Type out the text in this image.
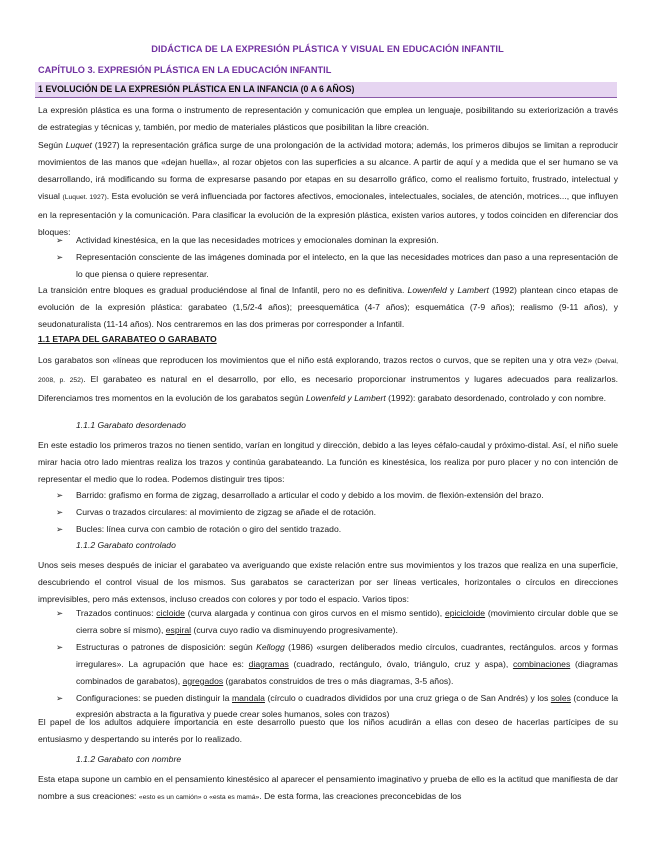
DIDÁCTICA DE LA EXPRESIÓN PLÁSTICA Y VISUAL EN EDUCACIÓN INFANTIL
CAPÍTULO 3. EXPRESIÓN PLÁSTICA EN LA EDUCACIÓN INFANTIL
1 EVOLUCIÓN DE LA EXPRESIÓN PLÁSTICA EN LA INFANCIA (0 A 6 AÑOS)

La expresión plástica es una forma o instrumento de representación y comunicación que emplea un lenguaje, posibilitando su exteriorización a través de estrategias y técnicas y, también, por medio de materiales plásticos que posibilitan la libre creación.

Según Luquet (1927) la representación gráfica surge de una prolongación de la actividad motora; además, los primeros dibujos se limitan a reproducir movimientos de las manos que «dejan huella», al rozar objetos con las superficies a su alcance. A partir de aquí y a medida que el ser humano se va desarrollando, irá modificando su forma de expresarse pasando por etapas en su desarrollo gráfico, como el realismo fortuito, frustrado, intelectual y visual (Luquet. 1927). Esta evolución se verá influenciada por factores afectivos, emocionales, intelectuales, sociales, de atención, motrices..., que influyen en la representación y la comunicación. Para clasificar la evolución de la expresión plástica, existen varios autores, y todos coinciden en diferenciar dos bloques:

➢	Actividad kinestésica, en la que las necesidades motrices y emocionales dominan la expresión.
➢	Representación consciente de las imágenes dominada por el intelecto, en la que las necesidades motrices dan paso a una representación de lo que piensa o quiere representar.

La transición entre bloques es gradual produciéndose al final de Infantil, pero no es definitiva. Lowenfeld y Lambert (1992) plantean cinco etapas de evolución de la expresión plástica: garabateo (1,5/2-4 años); preesquemática (4-7 años); esquemática (7-9 años); realismo (9-11 años), y seudonaturalista (11-14 años). Nos centraremos en las dos primeras por corresponder a Infantil.

1.1 ETAPA DEL GARABATEO O GARABATO

Los garabatos son «líneas que reproducen los movimientos que el niño está explorando, trazos rectos o curvos, que se repiten una y otra vez» (Delval, 2008, p. 252). El garabateo es natural en el desarrollo, por ello, es necesario proporcionar instrumentos y lugares adecuados para realizarlos. Diferenciamos tres momentos en la evolución de los garabatos según Lowenfeld y Lambert (1992): garabato desordenado, controlado y con nombre.

1.1.1 Garabato desordenado

En este estadio los primeros trazos no tienen sentido, varían en longitud y dirección, debido a las leyes céfalo-caudal y próximo-distal. Así, el niño suele mirar hacia otro lado mientras realiza los trazos y continúa garabateando. La función es kinestésica, los realiza por puro placer y no con intención de representar el medio que lo rodea. Podemos distinguir tres tipos:

➢	Barrido: grafismo en forma de zigzag, desarrollado a articular el codo y debido a los movim. de flexión-extensión del brazo.
➢	Curvas o trazados circulares: al movimiento de zigzag se añade el de rotación.
➢	Bucles: línea curva con cambio de rotación o giro del sentido trazado.
1.1.2 Garabato controlado

Unos seis meses después de iniciar el garabateo va averiguando que existe relación entre sus movimientos y los trazos que realiza en una superficie, descubriendo el control visual de los mismos. Sus garabatos se caracterizan por ser líneas verticales, horizontales o círculos en direcciones imprevisibles, pero más extensos, incluso creados con colores y por todo el espacio. Varios tipos:

➢	Trazados continuos: cicloide (curva alargada y continua con giros curvos en el mismo sentido), epicicloide (movimiento circular doble que se cierra sobre sí mismo), espiral (curva cuyo radio va disminuyendo progresivamente).
➢	Estructuras o patrones de disposición: según Kellogg (1986) «surgen deliberados medio círculos, cuadrantes, rectángulos. arcos y formas irregulares». La agrupación que hace es: diagramas (cuadrado, rectángulo, óvalo, triángulo, cruz y aspa), combinaciones (diagramas combinados de garabatos), agregados (garabatos construidos de tres o más diagramas, 3-5 años).
➢	Configuraciones: se pueden distinguir la mandala (círculo o cuadrados divididos por una cruz griega o de San Andrés) y los soles (conduce la expresión abstracta a la figurativa y puede crear soles humanos, soles con trazos)

El papel de los adultos adquiere importancia en este desarrollo puesto que los niños acudirán a ellas con deseo de hacerlas partícipes de su entusiasmo y despertando su interés por lo realizado.

1.1.2 Garabato con nombre

Esta etapa supone un cambio en el pensamiento kinestésico al aparecer el pensamiento imaginativo y prueba de ello es la actitud que manifiesta de dar nombre a sus creaciones: «esto es un camión» o «esta es mamá». De esta forma, las creaciones preconcebidas de los
